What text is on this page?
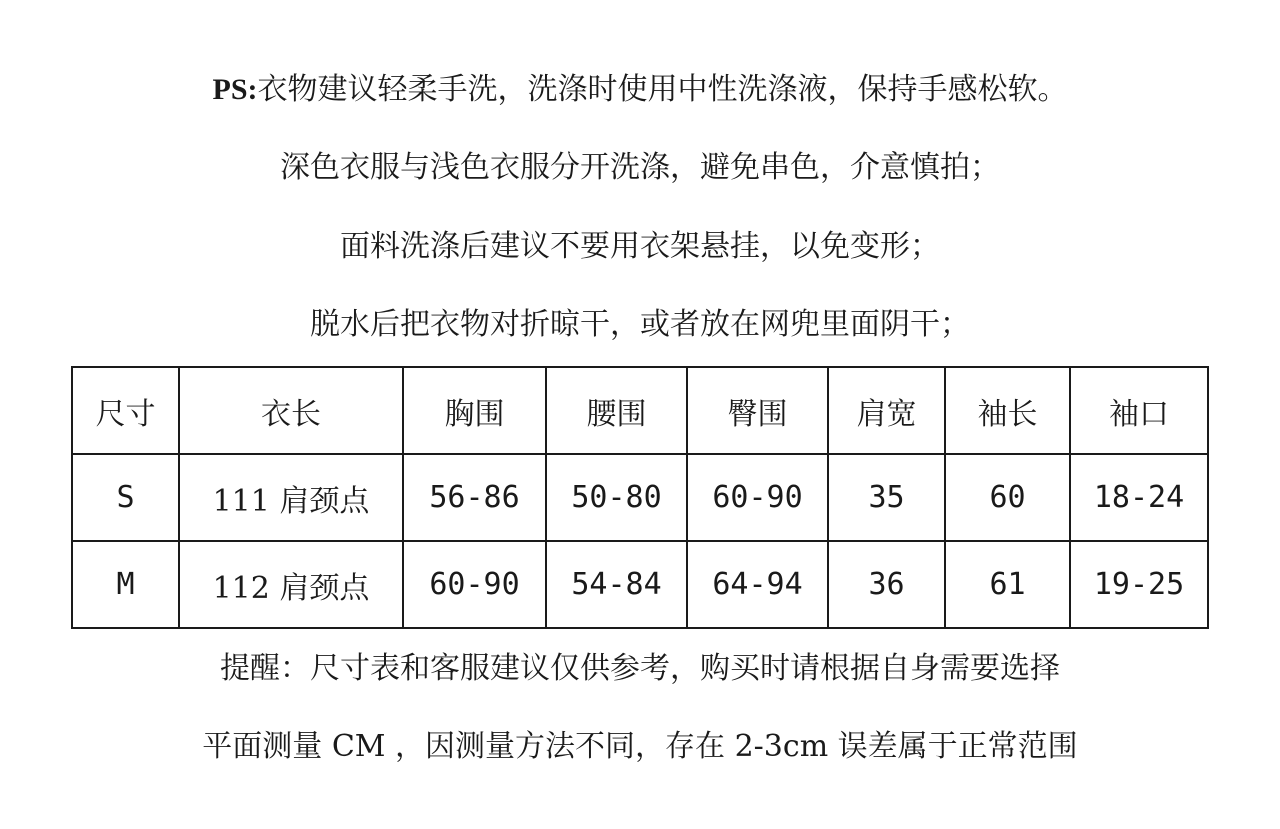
PS:衣物建议轻柔手洗，洗涤时使用中性洗涤液，保持手感松软。
深色衣服与浅色衣服分开洗涤，避免串色，介意慎拍；
面料洗涤后建议不要用衣架悬挂，以免变形；
脱水后把衣物对折晾干，或者放在网兜里面阴干；
尺寸	衣长	胸围	腰围	臀围	肩宽	袖长	袖口
S	111 肩颈点	56-86	50-80	60-90	35	60	18-24
M	112 肩颈点	60-90	54-84	64-94	36	61	19-25
提醒：尺寸表和客服建议仅供参考，购买时请根据自身需要选择
平面测量 CM ，因测量方法不同，存在 2-3cm 误差属于正常范围
